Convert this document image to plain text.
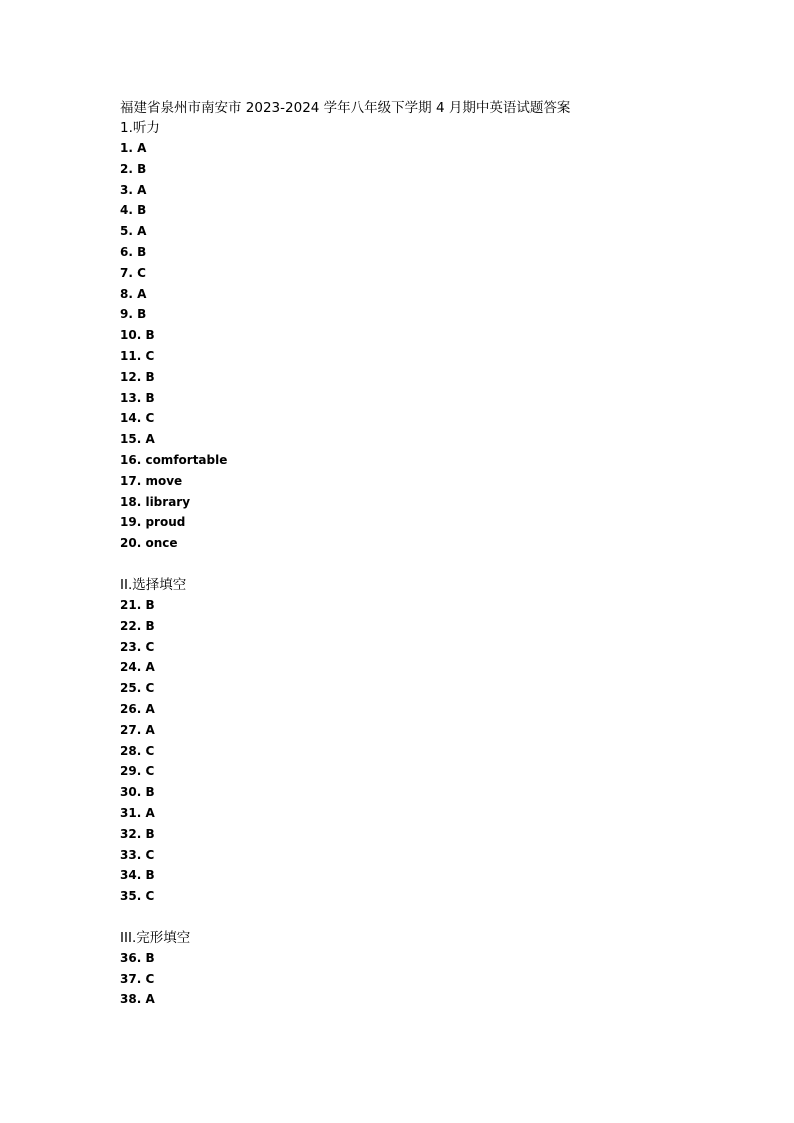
福建省泉州市南安市 2023-2024 学年八年级下学期 4 月期中英语试题答案
1.听力
1. A
2. B
3. A
4. B
5. A
6. B
7. C
8. A
9. B
10. B
11. C
12. B
13. B
14. C
15. A
16. comfortable
17. move
18. library
19. proud
20. once
II.选择填空
21. B
22. B
23. C
24. A
25. C
26. A
27. A
28. C
29. C
30. B
31. A
32. B
33. C
34. B
35. C
III.完形填空
36. B
37. C
38. A
